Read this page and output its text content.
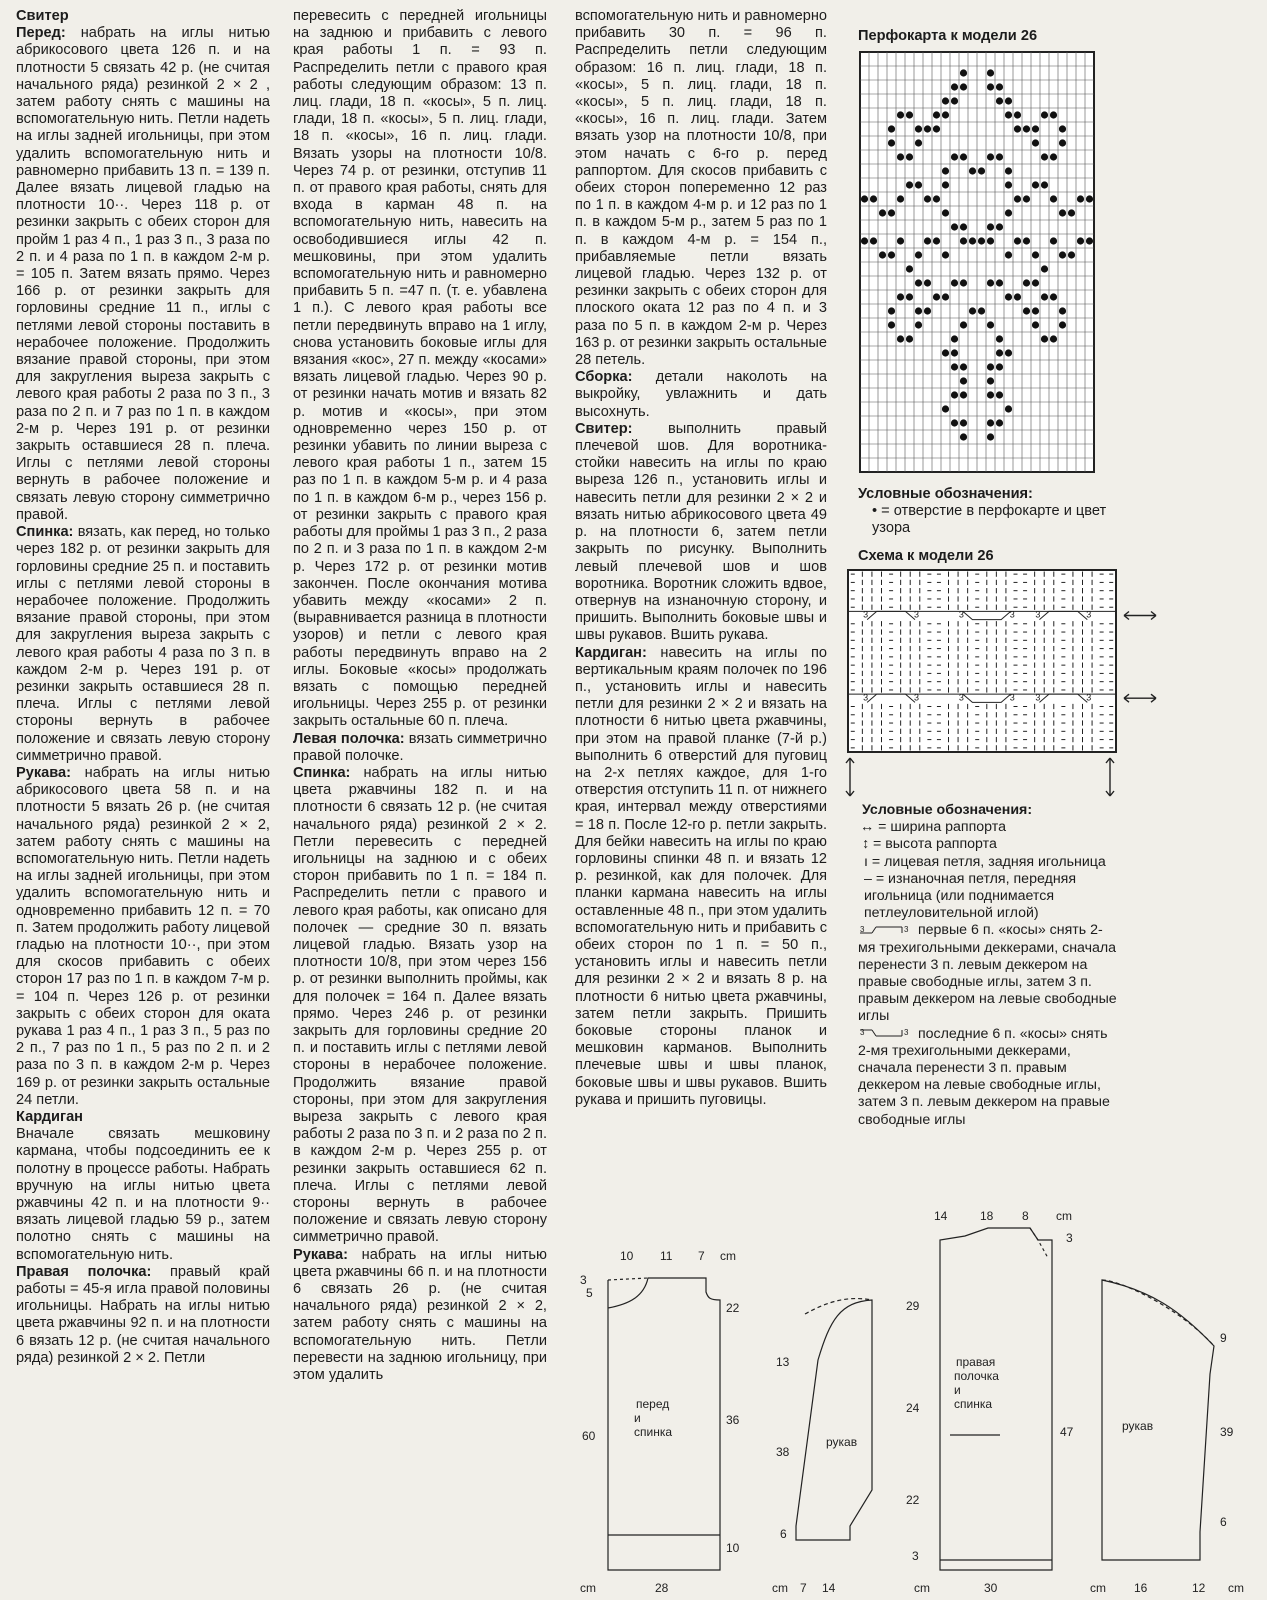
Свитер

Перед: набрать на иглы нитью абрикосового цвета 126 п. и на плотности 5 связать 42 р. (не считая начального ряда) резинкой 2 × 2 , затем работу снять с машины на вспомогательную нить. Петли надеть на иглы задней игольницы, при этом удалить вспомогательную нить и равномерно прибавить 13 п. = 139 п. Далее вязать лицевой гладью на плотности 10··. Через 118 р. от резинки закрыть с обеих сторон для пройм 1 раз 4 п., 1 раз 3 п., 3 раза по 2 п. и 4 раза по 1 п. в каждом 2-м р. = 105 п. Затем вязать прямо. Через 166 р. от резинки закрыть для горловины средние 11 п., иглы с петлями левой стороны поставить в нерабочее положение. Продолжить вязание правой стороны, при этом для закругления выреза закрыть с левого края работы 2 раза по 3 п., 3 раза по 2 п. и 7 раз по 1 п. в каждом 2-м р. Через 191 р. от резинки закрыть оставшиеся 28 п. плеча. Иглы с петлями левой стороны вернуть в рабочее положение и связать левую сторону симметрично правой.

Спинка: вязать, как перед, но только через 182 р. от резинки закрыть для горловины средние 25 п. и поставить иглы с петлями левой стороны в нерабочее положение. Продолжить вязание правой стороны, при этом для закругления выреза закрыть с левого края работы 4 раза по 3 п. в каждом 2-м р. Через 191 р. от резинки закрыть оставшиеся 28 п. плеча. Иглы с петлями левой стороны вернуть в рабочее положение и связать левую сторону симметрично правой.

Рукава: набрать на иглы нитью абрикосового цвета 58 п. и на плотности 5 вязать 26 р. (не считая начального ряда) резинкой 2 × 2, затем работу снять с машины на вспомогательную нить. Петли надеть на иглы задней игольницы, при этом удалить вспомогательную нить и одновременно прибавить 12 п. = 70 п. Затем продолжить работу лицевой гладью на плотности 10··, при этом для скосов прибавить с обеих сторон 17 раз по 1 п. в каждом 7-м р. = 104 п. Через 126 р. от резинки закрыть с обеих сторон для оката рукава 1 раз 4 п., 1 раз 3 п., 5 раз по 2 п., 7 раз по 1 п., 5 раз по 2 п. и 2 раза по 3 п. в каждом 2-м р. Через 169 р. от резинки закрыть остальные 24 петли.

Кардиган

Вначале связать мешковину кармана, чтобы подсоединить ее к полотну в процессе работы. Набрать вручную на иглы нитью цвета ржавчины 42 п. и на плотности 9·· вязать лицевой гладью 59 р., затем полотно снять с машины на вспомогательную нить.

Правая полочка: правый край работы = 45-я игла правой половины игольницы. Набрать на иглы нитью цвета ржавчины 92 п. и на плотности 6 вязать 12 р. (не считая начального ряда) резинкой 2 × 2. Петли

перевесить с передней игольницы на заднюю и прибавить с левого края работы 1 п. = 93 п. Распределить петли с правого края работы следующим образом: 13 п. лиц. глади, 18 п. «косы», 5 п. лиц. глади, 18 п. «косы», 5 п. лиц. глади, 18 п. «косы», 16 п. лиц. глади. Вязать узоры на плотности 10/8. Через 74 р. от резинки, отступив 11 п. от правого края работы, снять для входа в карман 48 п. на вспомогательную нить, навесить на освободившиеся иглы 42 п. мешковины, при этом удалить вспомогательную нить и равномерно прибавить 5 п. =47 п. (т. е. убавлена 1 п.). С левого края работы все петли передвинуть вправо на 1 иглу, снова установить боковые иглы для вязания «кос», 27 п. между «косами» вязать лицевой гладью. Через 90 р. от резинки начать мотив и вязать 82 р. мотив и «косы», при этом одновременно через 150 р. от резинки убавить по линии выреза с левого края работы 1 п., затем 15 раз по 1 п. в каждом 5-м р. и 4 раза по 1 п. в каждом 6-м р., через 156 р. от резинки закрыть с правого края работы для проймы 1 раз 3 п., 2 раза по 2 п. и 3 раза по 1 п. в каждом 2-м р. Через 172 р. от резинки мотив закончен. После окончания мотива убавить между «косами» 2 п. (выравнивается разница в плотности узоров) и петли с левого края работы передвинуть вправо на 2 иглы. Боковые «косы» продолжать вязать с помощью передней игольницы. Через 255 р. от резинки закрыть остальные 60 п. плеча.

Левая полочка: вязать симметрично правой полочке.

Спинка: набрать на иглы нитью цвета ржавчины 182 п. и на плотности 6 связать 12 р. (не считая начального ряда) резинкой 2 × 2. Петли перевесить с передней игольницы на заднюю и с обеих сторон прибавить по 1 п. = 184 п. Распределить петли с правого и левого края работы, как описано для полочек — средние 30 п. вязать лицевой гладью. Вязать узор на плотности 10/8, при этом через 156 р. от резинки выполнить проймы, как для полочек = 164 п. Далее вязать прямо. Через 246 р. от резинки закрыть для горловины средние 20 п. и поставить иглы с петлями левой стороны в нерабочее положение. Продолжить вязание правой стороны, при этом для закругления выреза закрыть с левого края работы 2 раза по 3 п. и 2 раза по 2 п. в каждом 2-м р. Через 255 р. от резинки закрыть оставшиеся 62 п. плеча. Иглы с петлями левой стороны вернуть в рабочее положение и связать левую сторону симметрично правой.

Рукава: набрать на иглы нитью цвета ржавчины 66 п. и на плотности 6 связать 26 р. (не считая начального ряда) резинкой 2 × 2, затем работу снять с машины на вспомогательную нить. Петли перевести на заднюю игольницу, при этом удалить

вспомогательную нить и равномерно прибавить 30 п. = 96 п. Распределить петли следующим образом: 16 п. лиц. глади, 18 п. «косы», 5 п. лиц. глади, 18 п. «косы», 5 п. лиц. глади, 18 п. «косы», 16 п. лиц. глади. Затем вязать узор на плотности 10/8, при этом начать с 6-го р. перед раппортом. Для скосов прибавить с обеих сторон попеременно 12 раз по 1 п. в каждом 4-м р. и 12 раз по 1 п. в каждом 5-м р., затем 5 раз по 1 п. в каждом 4-м р. = 154 п., прибавляемые петли вязать лицевой гладью. Через 132 р. от резинки закрыть с обеих сторон для плоского оката 12 раз по 4 п. и 3 раза по 5 п. в каждом 2-м р. Через 163 р. от резинки закрыть остальные 28 петель.

Сборка: детали наколоть на выкройку, увлажнить и дать высохнуть.

Свитер: выполнить правый плечевой шов. Для воротника-стойки навесить на иглы по краю выреза 126 п., установить иглы и навесить петли для резинки 2 × 2 и вязать нитью абрикосового цвета 49 р. на плотности 6, затем петли закрыть по рисунку. Выполнить левый плечевой шов и шов воротника. Воротник сложить вдвое, отвернув на изнаночную сторону, и пришить. Выполнить боковые швы и швы рукавов. Вшить рукава.

Кардиган: навесить на иглы по вертикальным краям полочек по 196 п., установить иглы и навесить петли для резинки 2 × 2 и вязать на плотности 6 нитью цвета ржавчины, при этом на правой планке (7-й р.) выполнить 6 отверстий для пуговиц на 2-х петлях каждое, для 1-го отверстия отступить 11 п. от нижнего края, интервал между отверстиями = 18 п. После 12-го р. петли закрыть. Для бейки навесить на иглы по краю горловины спинки 48 п. и вязать 12 р. резинкой, как для полочек. Для планки кармана навесить на иглы оставленные 48 п., при этом удалить вспомогательную нить и прибавить с обеих сторон по 1 п. = 50 п., установить иглы и навесить петли для резинки 2 × 2 и вязать 8 р. на плотности 6 нитью цвета ржавчины, затем петли закрыть. Пришить боковые стороны планок и мешковин карманов. Выполнить плечевые швы и швы планок, боковые швы и швы рукавов. Вшить рукава и пришить пуговицы.

Перфокарта к модели 26
Условные обозначения:
• = отверстие в перфокарте и цвет узора
Схема к модели 26
3	3	3	3 3	3
3	3	3	3 3	3
Условные обозначения:
↔ = ширина раппорта
↕ = высота раппорта
ı = лицевая петля, задняя игольница
– = изнаночная петля, передняя игольница (или поднимается петлеуловительной иглой)
3	3 первые 6 п. «косы» снять 2-мя трехигольными деккерами, сначала перенести 3 п. левым деккером на правые свободные иглы, затем 3 п. правым деккером на левые свободные иглы
3	3 последние 6 п. «косы» снять 2-мя трехигольными деккерами, сначала перенести 3 п. правым деккером на левые свободные иглы, затем 3 п. левым деккером на правые свободные иглы
10 11 7 cm
3
5
60
22
36
10
cm	28
перед
и
спинка
13
38
6
cm 7 14
рукав
14	18 8 cm
29
24
22
3
3
47
cm	30
правая
полочка
и
спинка
9
39
6
cm 16	12 cm
рукав
